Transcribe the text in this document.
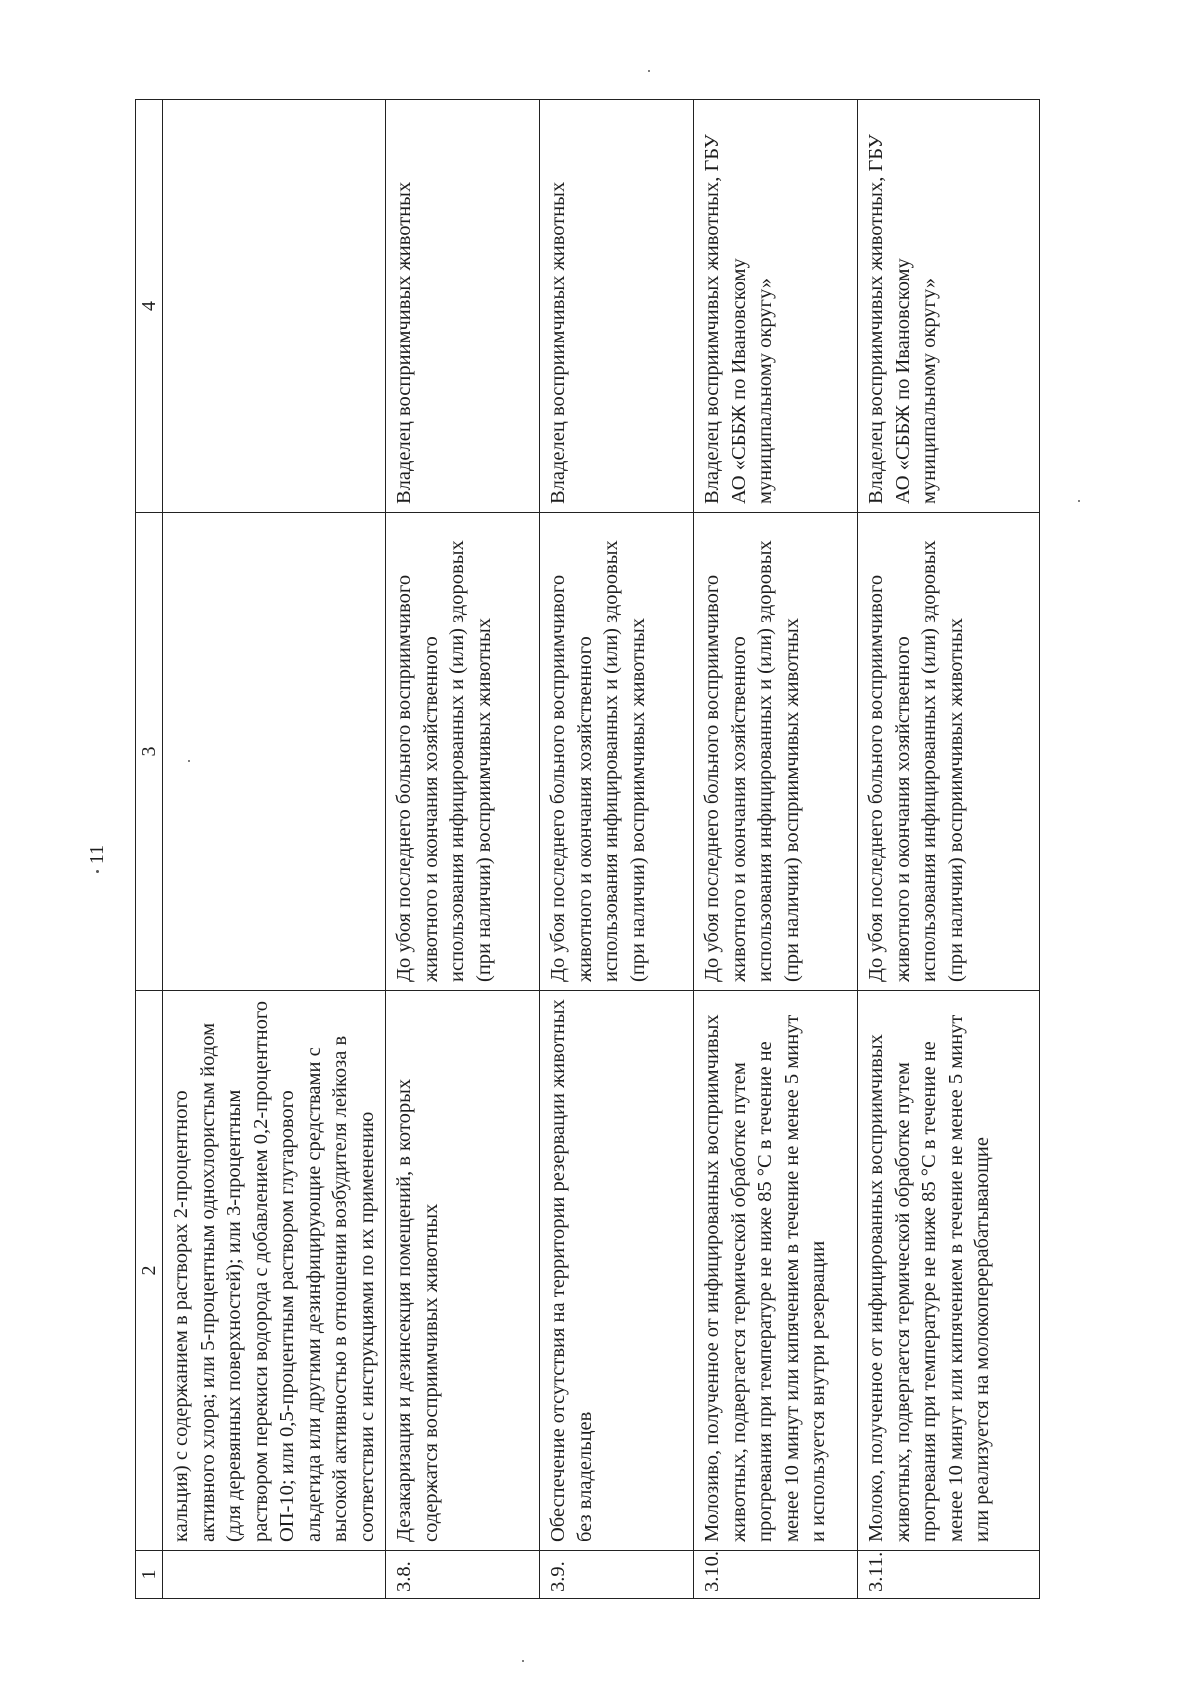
11
1	2	3	4
	кальция) с содержанием в растворах 2-процентного активного хлора; или 5-процентным однохлористым йодом (для деревянных поверхностей); или 3-процентным раствором перекиси водорода с добавлением 0,2-процентного ОП-10; или 0,5-процентным раствором глутарового альдегида или другими дезинфицирующие средствами с высокой активностью в отношении возбудителя лейкоза в соответствии с инструкциями по их применению		
3.8.	Дезакаризация и дезинсекция помещений, в которых содержатся восприимчивых животных	До убоя последнего больного восприимчивого животного и окончания хозяйственного использования инфицированных и (или) здоровых (при наличии) восприимчивых животных	Владелец восприимчивых животных
3.9.	Обеспечение отсутствия на территории резервации животных без владельцев	До убоя последнего больного восприимчивого животного и окончания хозяйственного использования инфицированных и (или) здоровых (при наличии) восприимчивых животных	Владелец восприимчивых животных
3.10.	Молозиво, полученное от инфицированных восприимчивых животных, подвергается термической обработке путем прогревания при температуре не ниже 85 °С в течение не менее 10 минут или кипячением в течение не менее 5 минут и используется внутри резервации	До убоя последнего больного восприимчивого животного и окончания хозяйственного использования инфицированных и (или) здоровых (при наличии) восприимчивых животных	Владелец восприимчивых животных, ГБУ АО «СББЖ по Ивановскому муниципальному округу»
3.11.	Молоко, полученное от инфицированных восприимчивых животных, подвергается термической обработке путем прогревания при температуре не ниже 85 °С в течение не менее 10 минут или кипячением в течение не менее 5 минут или реализуется на молокоперерабатывающие	До убоя последнего больного восприимчивого животного и окончания хозяйственного использования инфицированных и (или) здоровых (при наличии) восприимчивых животных	Владелец восприимчивых животных, ГБУ АО «СББЖ по Ивановскому муниципальному округу»
